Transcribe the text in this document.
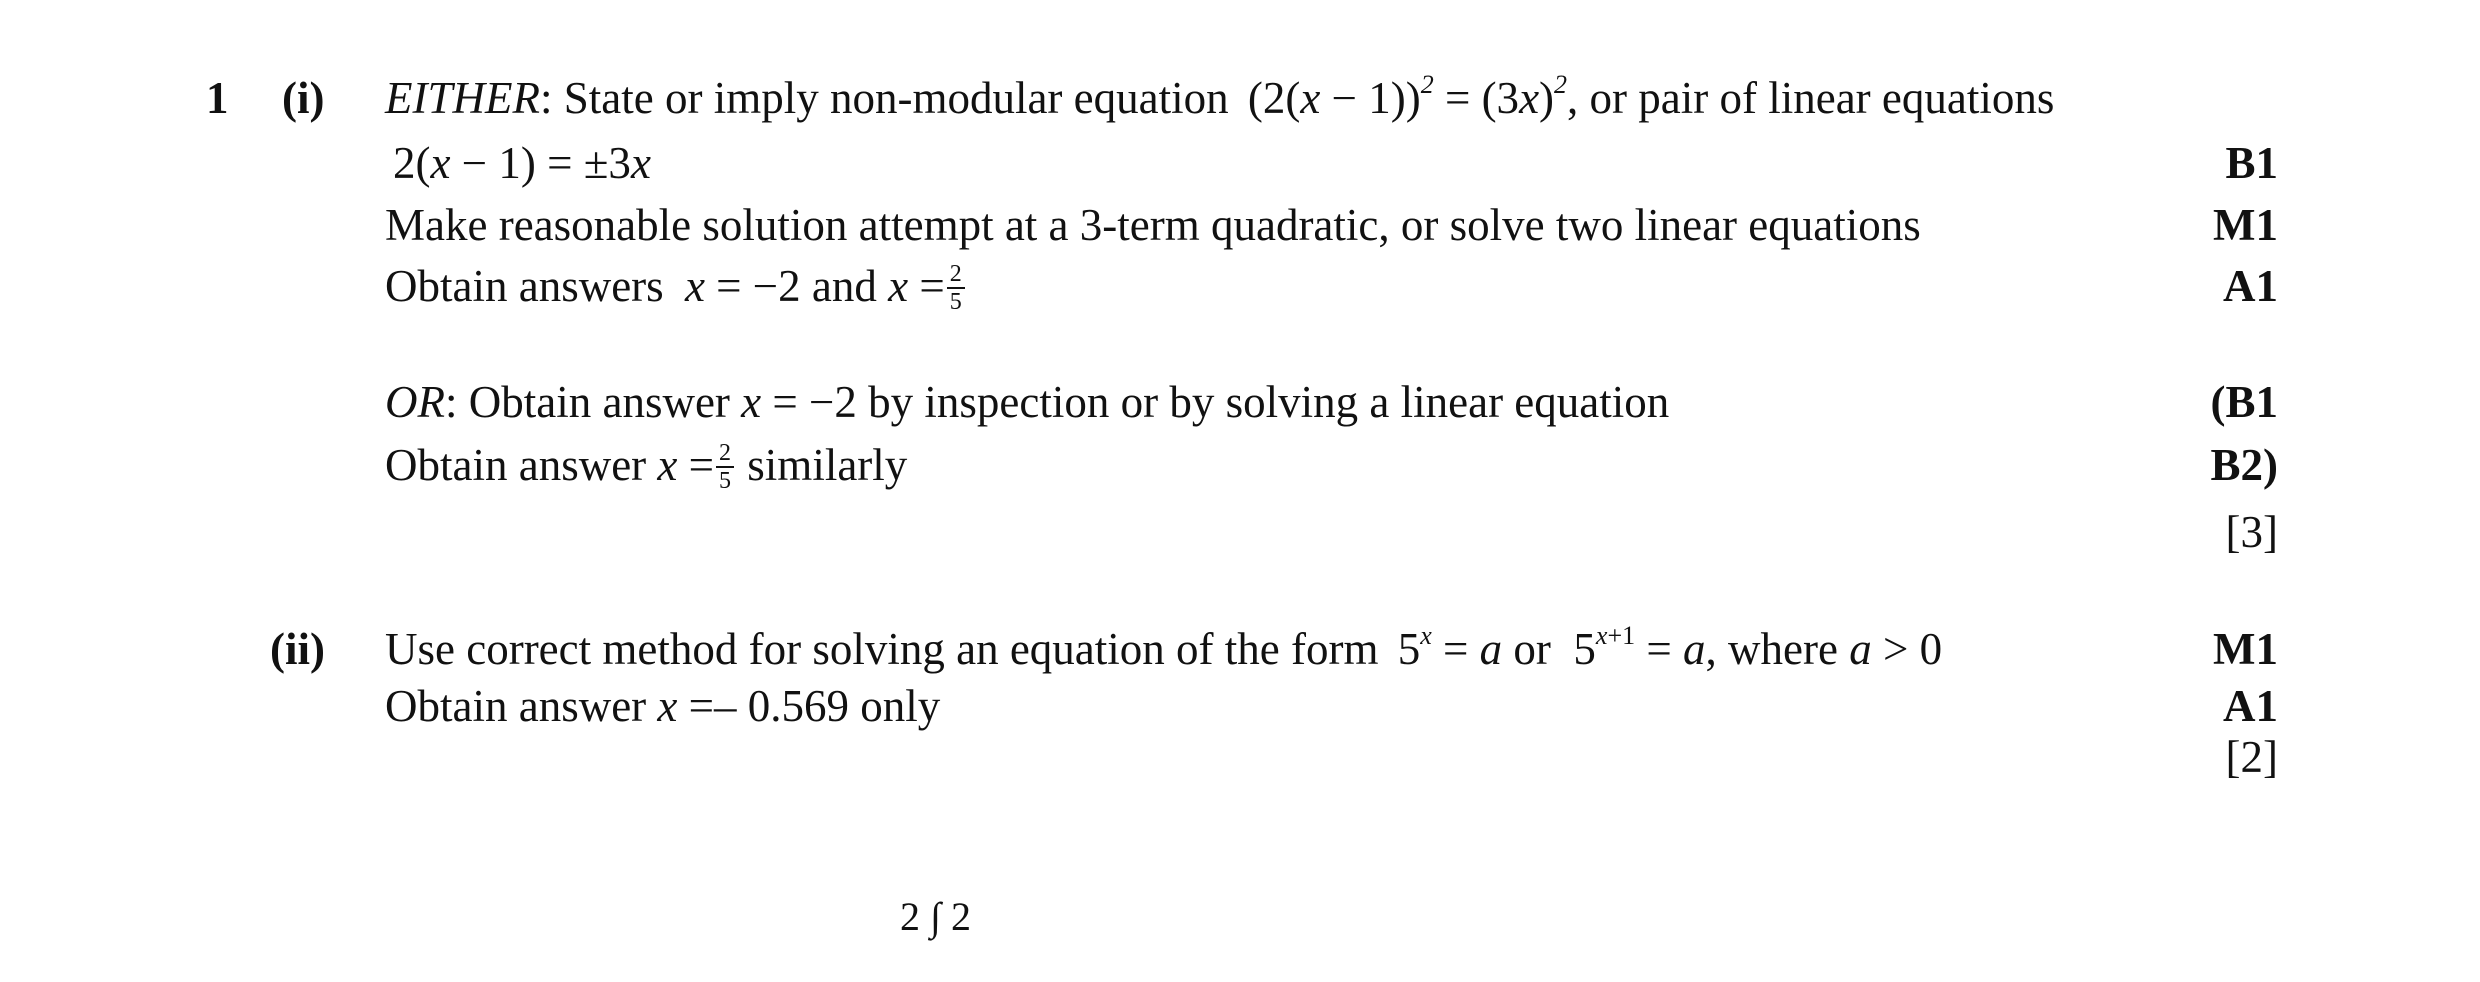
1 (i) EITHER: State or imply non-modular equation $(2(x - 1))^2 = (3x)^2$, or pair of linear equations
2(x − 1) = ±3x	B1
Make reasonable solution attempt at a 3-term quadratic, or solve two linear equations	M1
Obtain answers x = −2 and $x = \frac{2}{5}$	A1
OR: Obtain answer x = −2 by inspection or by solving a linear equation	(B1
Obtain answer $x = \frac{2}{5}$ similarly	B2)
[3]
(ii) Use correct method for solving an equation of the form $5^x = a$ or  $5^{x+1} = a$, where a > 0	M1
Obtain answer x =– 0.569 only	A1
[2]
2 ∫ 2
